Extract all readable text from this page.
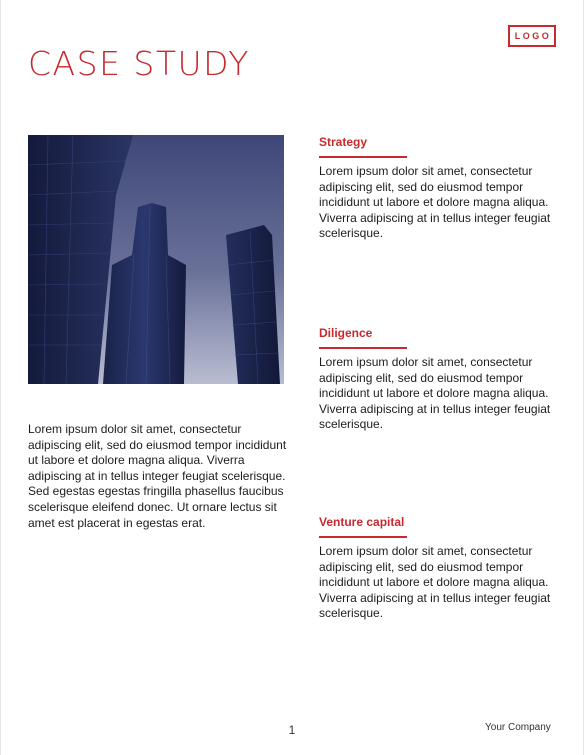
LOGO
CASE STUDY

Lorem ipsum dolor sit amet, consectetur adipiscing elit, sed do eiusmod tempor incididunt ut labore et dolore magna aliqua. Viverra adipiscing at in tellus integer feugiat scelerisque. Sed egestas egestas fringilla phasellus faucibus scelerisque eleifend donec. Ut ornare lectus sit amet est placerat in egestas erat.

Strategy

Lorem ipsum dolor sit amet, consectetur adipiscing elit, sed do eiusmod tempor incididunt ut labore et dolore magna aliqua. Viverra adipiscing at in tellus integer feugiat scelerisque.

Diligence

Lorem ipsum dolor sit amet, consectetur adipiscing elit, sed do eiusmod tempor incididunt ut labore et dolore magna aliqua. Viverra adipiscing at in tellus integer feugiat scelerisque.

Venture capital

Lorem ipsum dolor sit amet, consectetur adipiscing elit, sed do eiusmod tempor incididunt ut labore et dolore magna aliqua. Viverra adipiscing at in tellus integer feugiat scelerisque.

1	Your Company
